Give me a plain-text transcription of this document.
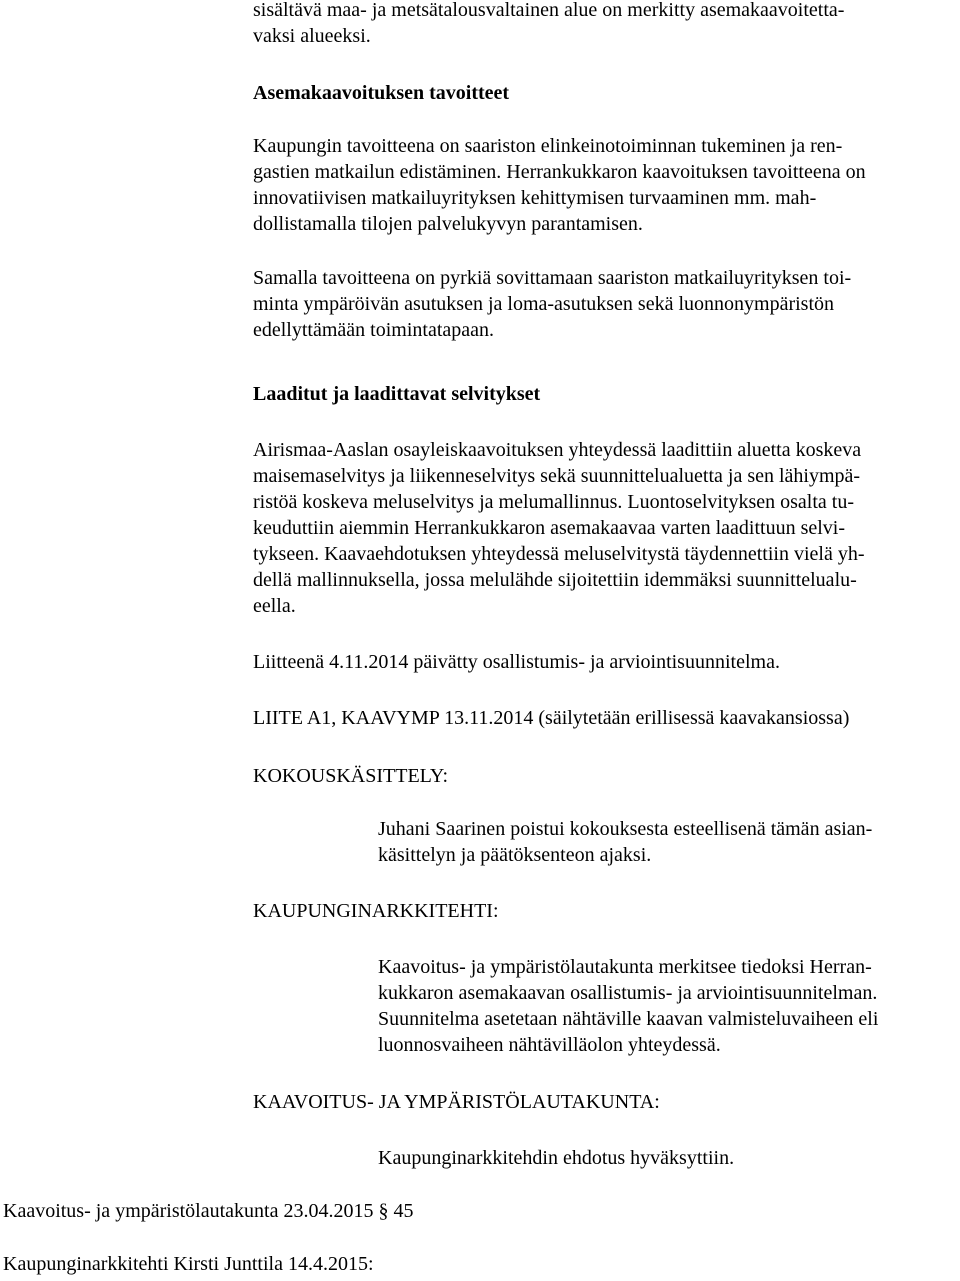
sisältävä maa- ja metsätalousvaltainen alue on merkitty asemakaavoitetta-
vaksi alueeksi.
Asemakaavoituksen tavoitteet
Kaupungin tavoitteena on saariston elinkeinotoiminnan tukeminen ja ren-
gastien matkailun edistäminen. Herrankukkaron kaavoituksen tavoitteena on
innovatiivisen matkailuyrityksen kehittymisen turvaaminen mm. mah-
dollistamalla tilojen palvelukyvyn parantamisen.
Samalla tavoitteena on pyrkiä sovittamaan saariston matkailuyrityksen toi-
minta ympäröivän asutuksen ja loma-asutuksen sekä luonnonympäristön
edellyttämään toimintatapaan.
Laaditut ja laadittavat selvitykset
Airismaa-Aaslan osayleiskaavoituksen yhteydessä laadittiin aluetta koskeva
maisemaselvitys ja liikenneselvitys sekä suunnittelualuetta ja sen lähiympä-
ristöä koskeva meluselvitys ja melumallinnus. Luontoselvityksen osalta tu-
keuduttiin aiemmin Herrankukkaron asemakaavaa varten laadittuun selvi-
tykseen. Kaavaehdotuksen yhteydessä meluselvitystä täydennettiin vielä yh-
dellä mallinnuksella, jossa melulähde sijoitettiin idemmäksi suunnittelualu-
eella.
Liitteenä 4.11.2014 päivätty osallistumis- ja arviointisuunnitelma.
LIITE A1, KAAVYMP 13.11.2014 (säilytetään erillisessä kaavakansiossa)
KOKOUSKÄSITTELY:
Juhani Saarinen poistui kokouksesta esteellisenä tämän asian-
käsittelyn ja päätöksenteon ajaksi.
KAUPUNGINARKKITEHTI:
Kaavoitus- ja ympäristölautakunta merkitsee tiedoksi Herran-
kukkaron asemakaavan osallistumis- ja arviointisuunnitelman.
Suunnitelma asetetaan nähtäville kaavan valmisteluvaiheen eli
luonnosvaiheen nähtävilläolon yhteydessä.
KAAVOITUS- JA YMPÄRISTÖLAUTAKUNTA:
Kaupunginarkkitehdin ehdotus hyväksyttiin.
Kaavoitus- ja ympäristölautakunta 23.04.2015 § 45
Kaupunginarkkitehti Kirsti Junttila 14.4.2015:
